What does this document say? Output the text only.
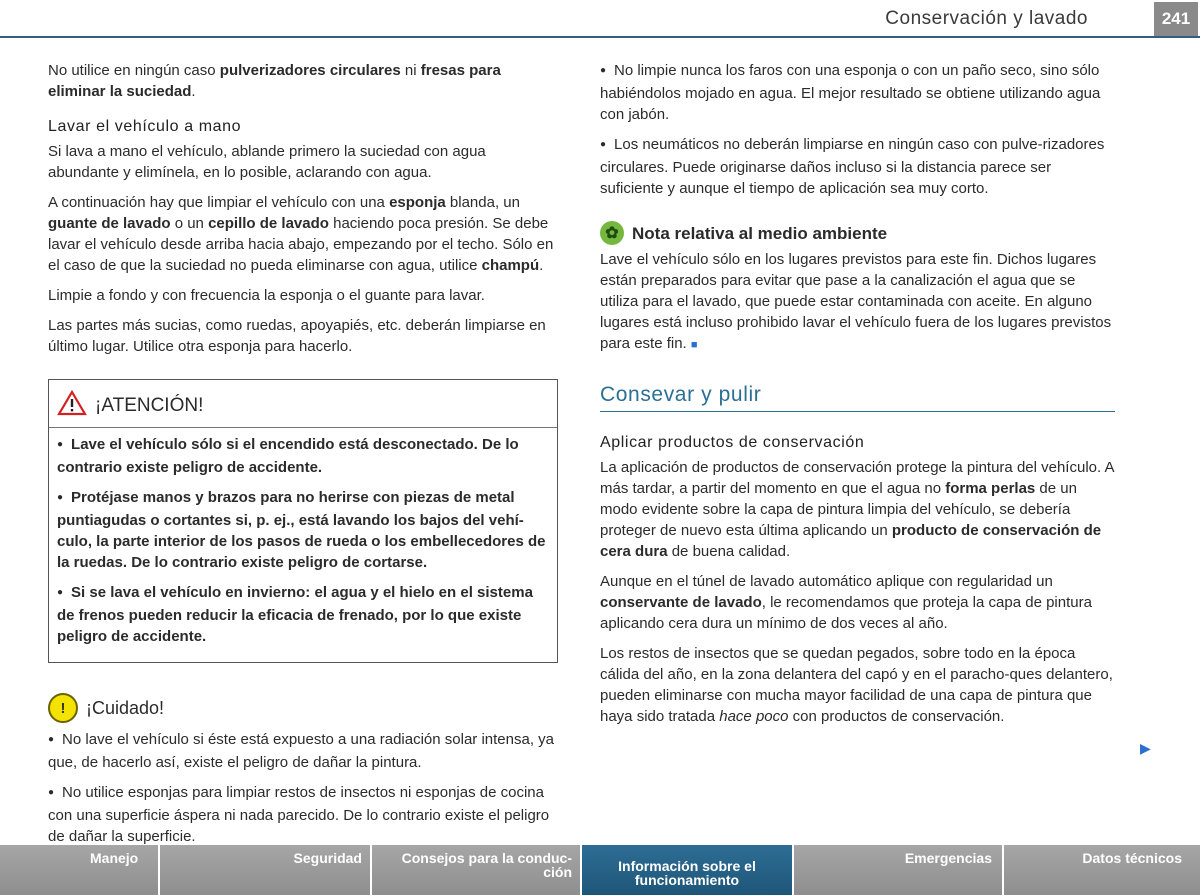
Conservación y lavado	241

No utilice en ningún caso pulverizadores circulares ni fresas para eliminar la suciedad.

Lavar el vehículo a mano

Si lava a mano el vehículo, ablande primero la suciedad con agua abundante y elimínela, en lo posible, aclarando con agua.

A continuación hay que limpiar el vehículo con una esponja blanda, un guante de lavado o un cepillo de lavado haciendo poca presión. Se debe lavar el vehículo desde arriba hacia abajo, empezando por el techo. Sólo en el caso de que la suciedad no pueda eliminarse con agua, utilice champú.

Limpie a fondo y con frecuencia la esponja o el guante para lavar.

Las partes más sucias, como ruedas, apoyapiés, etc. deberán limpiarse en último lugar. Utilice otra esponja para hacerlo.

¡ATENCIÓN!

● Lave el vehículo sólo si el encendido está desconectado. De lo contrario existe peligro de accidente.

● Protéjase manos y brazos para no herirse con piezas de metal puntiagudas o cortantes si, p. ej., está lavando los bajos del vehí-culo, la parte interior de los pasos de rueda o los embellecedores de la ruedas. De lo contrario existe peligro de cortarse.

● Si se lava el vehículo en invierno: el agua y el hielo en el sistema de frenos pueden reducir la eficacia de frenado, por lo que existe peligro de accidente.

!	¡Cuidado!

● No lave el vehículo si éste está expuesto a una radiación solar intensa, ya que, de hacerlo así, existe el peligro de dañar la pintura.

● No utilice esponjas para limpiar restos de insectos ni esponjas de cocina con una superficie áspera ni nada parecido. De lo contrario existe el peligro de dañar la superficie.

● No limpie nunca los faros con una esponja o con un paño seco, sino sólo habiéndolos mojado en agua. El mejor resultado se obtiene utilizando agua con jabón.

● Los neumáticos no deberán limpiarse en ningún caso con pulve-rizadores circulares. Puede originarse daños incluso si la distancia parece ser suficiente y aunque el tiempo de aplicación sea muy corto.

✿ Nota relativa al medio ambiente

Lave el vehículo sólo en los lugares previstos para este fin. Dichos lugares están preparados para evitar que pase a la canalización el agua que se utiliza para el lavado, que puede estar contaminada con aceite. En alguno lugares está incluso prohibido lavar el vehículo fuera de los lugares previstos para este fin. ■

Consevar y pulir
Aplicar productos de conservación

La aplicación de productos de conservación protege la pintura del vehículo. A más tardar, a partir del momento en que el agua no forma perlas de un modo evidente sobre la capa de pintura limpia del vehículo, se debería proteger de nuevo esta última aplicando un producto de conservación de cera dura de buena calidad.

Aunque en el túnel de lavado automático aplique con regularidad un conservante de lavado, le recomendamos que proteja la capa de pintura aplicando cera dura un mínimo de dos veces al año.

Los restos de insectos que se quedan pegados, sobre todo en la época cálida del año, en la zona delantera del capó y en el paracho-ques delantero, pueden eliminarse con mucha mayor facilidad de una capa de pintura que haya sido tratada hace poco con productos de conservación.

▶
Manejo	Seguridad	Consejos para la conduc-
ción	Información sobre el
funcionamiento
Emergencias	Datos técnicos
